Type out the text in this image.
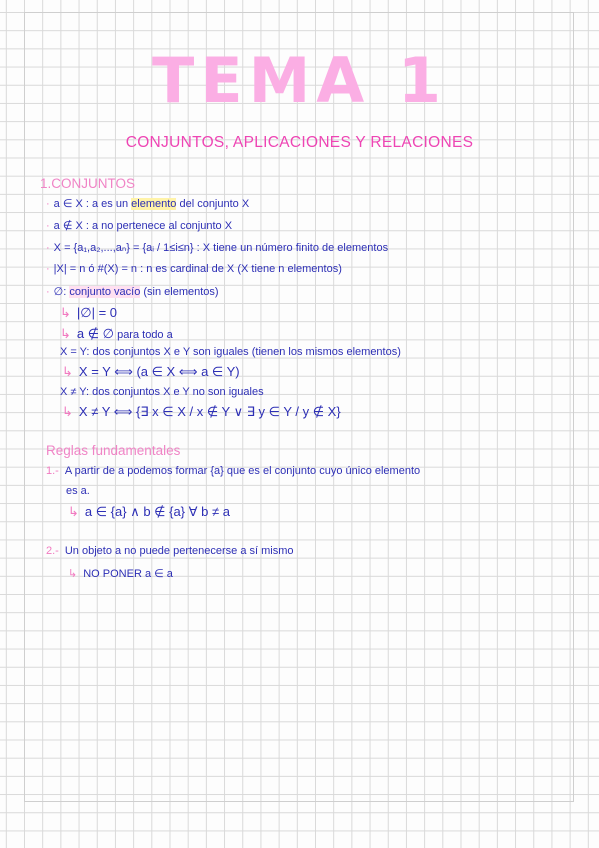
TEMA 1
CONJUNTOS, APLICACIONES Y RELACIONES
1.CONJUNTOS
· a ∈ X : a es un elemento del conjunto X
· a ∉ X : a no pertenece al conjunto X
· X = {a₁,a₂,...,aₙ} = {aᵢ / 1≤i≤n} : X tiene un número finito de elementos
· |X| = n ó #(X) = n : n es cardinal de X (X tiene n elementos)
· ∅: conjunto vacío (sin elementos)
↳ |∅| = 0
↳ a ∉ ∅ para todo a
X = Y: dos conjuntos X e Y son iguales (tienen los mismos elementos)
↳ X = Y ⟺ (a ∈ X ⟺ a ∈ Y)
X ≠ Y: dos conjuntos X e Y no son iguales
↳ X ≠ Y ⟺ {∃ x ∈ X / x ∉ Y ∨ ∃ y ∈ Y / y ∉ X}
Reglas fundamentales
1.- A partir de a podemos formar {a} que es el conjunto cuyo único elemento
es a.
↳ a ∈ {a} ∧ b ∉ {a} ∀ b ≠ a
2.- Un objeto a no puede pertenecerse a sí mismo
↳ NO PONER a ∈ a
